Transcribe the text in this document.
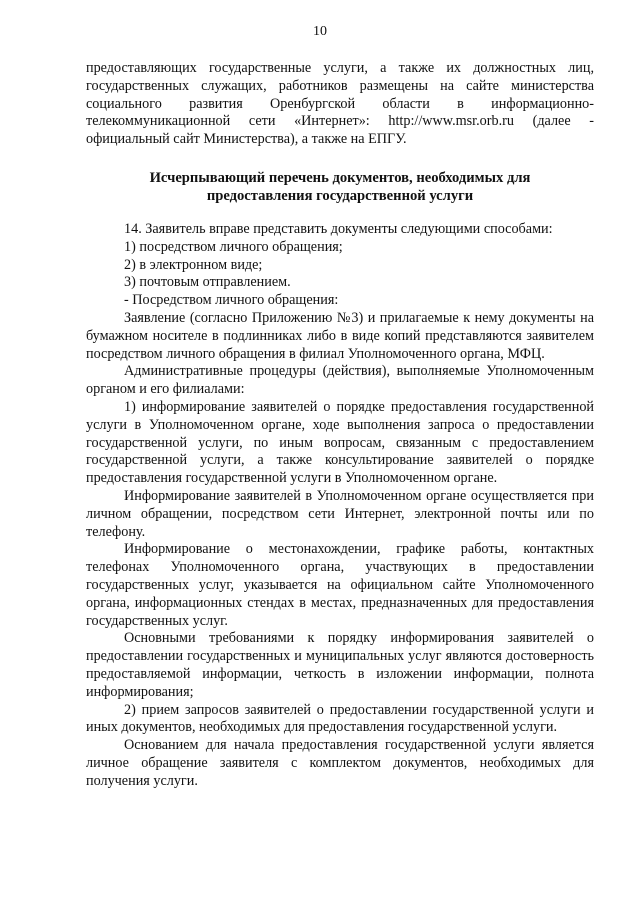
10

предоставляющих государственные услуги, а также их должностных лиц, государственных служащих, работников размещены на сайте министерства социального развития Оренбургской области в информационно-телекоммуникационной сети «Интернет»: http://www.msr.orb.ru (далее - официальный сайт Министерства), а также на ЕПГУ.

Исчерпывающий перечень документов, необходимых для
предоставления государственной услуги

14. Заявитель вправе представить документы следующими способами:

1) посредством личного обращения;

2) в электронном виде;

3) почтовым отправлением.

- Посредством личного обращения:

Заявление (согласно Приложению №3) и прилагаемые к нему документы на бумажном носителе в подлинниках либо в виде копий представляются заявителем посредством личного обращения в филиал Уполномоченного органа, МФЦ.

Административные процедуры (действия), выполняемые Уполномоченным органом и его филиалами:

1) информирование заявителей о порядке предоставления государственной услуги в Уполномоченном органе, ходе выполнения запроса о предоставлении государственной услуги, по иным вопросам, связанным с предоставлением государственной услуги, а также консультирование заявителей о порядке предоставления государственной услуги в Уполномоченном органе.

Информирование заявителей в Уполномоченном органе осуществляется при личном обращении, посредством сети Интернет, электронной почты или по телефону.

Информирование о местонахождении, графике работы, контактных телефонах Уполномоченного органа, участвующих в предоставлении государственных услуг, указывается на официальном сайте Уполномоченного органа, информационных стендах в местах, предназначенных для предоставления государственных услуг.

Основными требованиями к порядку информирования заявителей о предоставлении государственных и муниципальных услуг являются достоверность предоставляемой информации, четкость в изложении информации, полнота информирования;

2) прием запросов заявителей о предоставлении государственной услуги и иных документов, необходимых для предоставления государственной услуги.

Основанием для начала предоставления государственной услуги является личное обращение заявителя с комплектом документов, необходимых для получения услуги.
